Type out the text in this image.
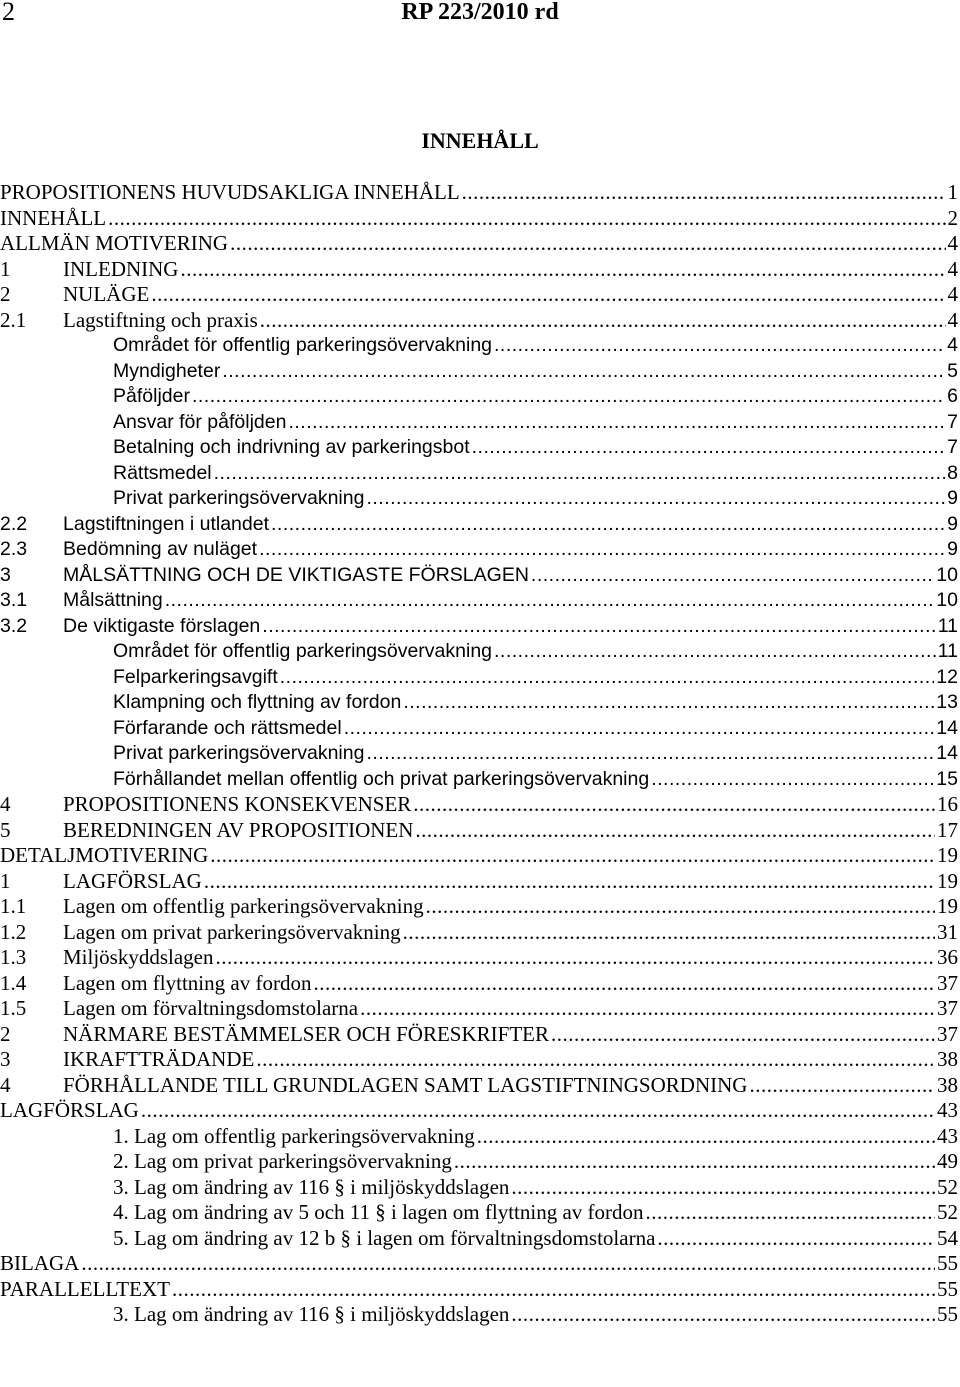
2	RP 223/2010 rd
INNEHÅLL
PROPOSITIONENS HUVUDSAKLIGA INNEHÅLL .....	1
INNEHÅLL .....	2
ALLMÄN MOTIVERING .....	4
1	INLEDNING .....	4
2	NULÄGE .....	4
2.1	Lagstiftning och praxis .....	4
Området för offentlig parkeringsövervakning .....	4
Myndigheter .....	5
Påföljder .....	6
Ansvar för påföljden .....	7
Betalning och indrivning av parkeringsbot .....	7
Rättsmedel .....	8
Privat parkeringsövervakning .....	9
2.2	Lagstiftningen i utlandet .....	9
2.3	Bedömning av nuläget .....	9
3	MÅLSÄTTNING OCH DE VIKTIGASTE FÖRSLAGEN .....	10
3.1	Målsättning .....	10
3.2	De viktigaste förslagen .....	11
Området för offentlig parkeringsövervakning .....	11
Felparkeringsavgift .....	12
Klampning och flyttning av fordon .....	13
Förfarande och rättsmedel .....	14
Privat parkeringsövervakning .....	14
Förhållandet mellan offentlig och privat parkeringsövervakning .....	15
4	PROPOSITIONENS KONSEKVENSER .....	16
5	BEREDNINGEN AV PROPOSITIONEN .....	17
DETALJMOTIVERING .....	19
1	LAGFÖRSLAG .....	19
1.1	Lagen om offentlig parkeringsövervakning .....	19
1.2	Lagen om privat parkeringsövervakning .....	31
1.3	Miljöskyddslagen .....	36
1.4	Lagen om flyttning av fordon .....	37
1.5	Lagen om förvaltningsdomstolarna .....	37
2	NÄRMARE BESTÄMMELSER OCH FÖRESKRIFTER .....	37
3	IKRAFTTRÄDANDE .....	38
4	FÖRHÅLLANDE TILL GRUNDLAGEN SAMT LAGSTIFTNINGSORDNING .....	38
LAGFÖRSLAG .....	43
1. Lag om offentlig parkeringsövervakning .....	43
2. Lag om privat parkeringsövervakning .....	49
3. Lag om ändring av 116 § i miljöskyddslagen .....	52
4. Lag om ändring av 5 och 11 § i lagen om flyttning av fordon .....	52
5. Lag om ändring av 12 b § i lagen om förvaltningsdomstolarna .....	54
BILAGA .....	55
PARALLELLTEXT .....	55
3. Lag om ändring av 116 § i miljöskyddslagen .....	55
